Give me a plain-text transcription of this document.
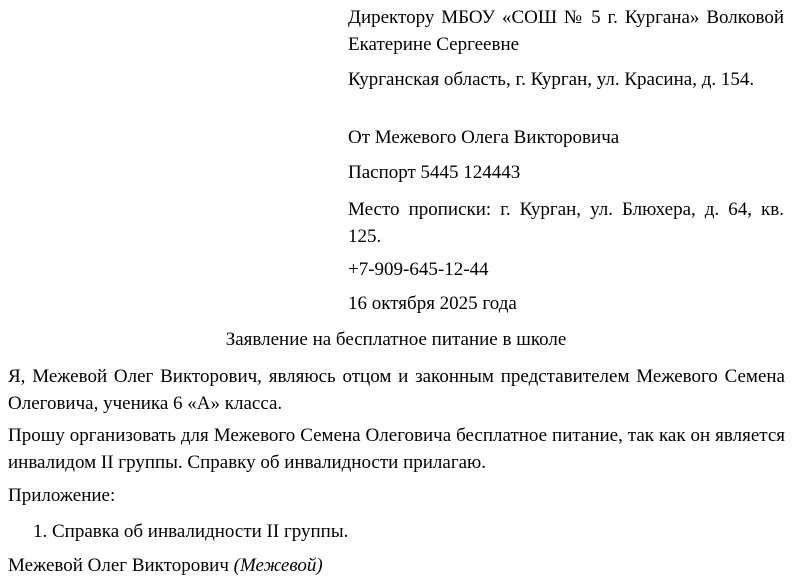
Директору МБОУ «СОШ № 5 г. Кургана» Волковой Екатерине Сергеевне

Курганская область, г. Курган, ул. Красина, д. 154.

От Межевого Олега Викторовича

Паспорт 5445 124443

Место прописки: г. Курган, ул. Блюхера, д. 64, кв. 125.

+7-909-645-12-44

16 октября 2025 года

Заявление на бесплатное питание в школе

Я, Межевой Олег Викторович, являюсь отцом и законным представителем Межевого Семена Олеговича, ученика 6 «А» класса.

Прошу организовать для Межевого Семена Олеговича бесплатное питание, так как он является инвалидом II группы. Справку об инвалидности прилагаю.

Приложение:

1. Справка об инвалидности II группы.

Межевой Олег Викторович (Межевой)
